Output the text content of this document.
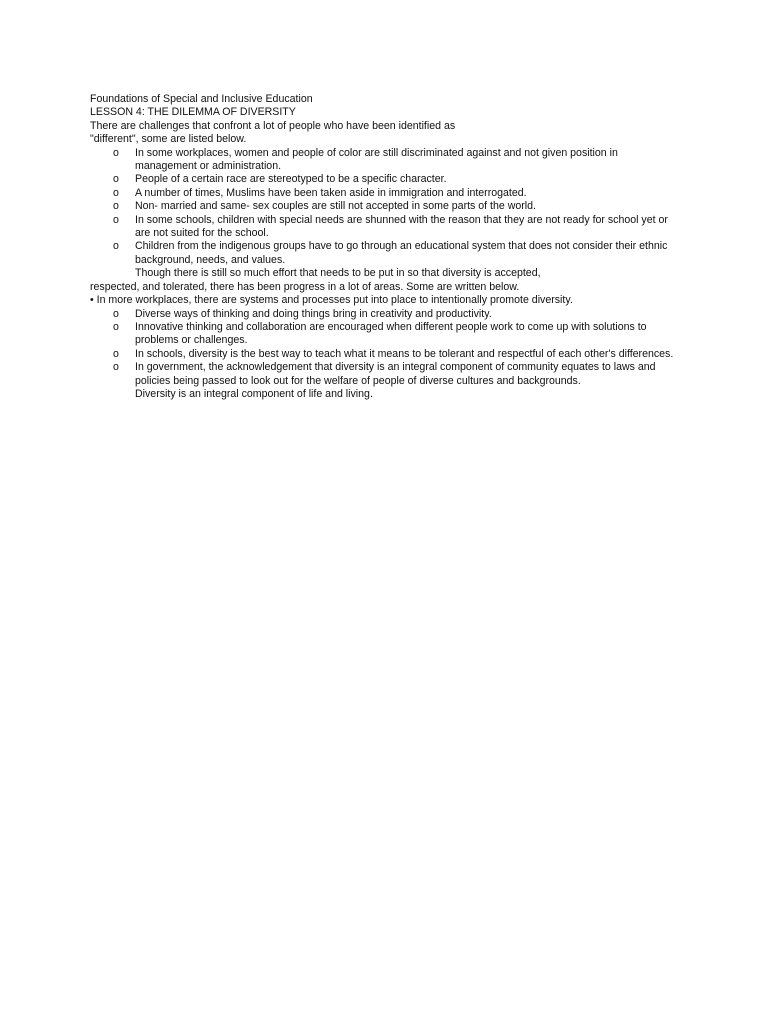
Foundations of Special and Inclusive Education
LESSON 4: THE DILEMMA OF DIVERSITY
There are challenges that confront a lot of people who have been identified as
"different", some are listed below.
o In some workplaces, women and people of color are still discriminated against and not given position in management or administration.
o People of a certain race are stereotyped to be a specific character.
o A number of times, Muslims have been taken aside in immigration and interrogated.
o Non- married and same- sex couples are still not accepted in some parts of the world.
o In some schools, children with special needs are shunned with the reason that they are not ready for school yet or are not suited for the school.
o Children from the indigenous groups have to go through an educational system that does not consider their ethnic background, needs, and values.
Though there is still so much effort that needs to be put in so that diversity is accepted,
respected, and tolerated, there has been progress in a lot of areas. Some are written below.
• In more workplaces, there are systems and processes put into place to intentionally promote diversity.
o Diverse ways of thinking and doing things bring in creativity and productivity.
o Innovative thinking and collaboration are encouraged when different people work to come up with solutions to problems or challenges.
o In schools, diversity is the best way to teach what it means to be tolerant and respectful of each other's differences.
o In government, the acknowledgement that diversity is an integral component of community equates to laws and policies being passed to look out for the welfare of people of diverse cultures and backgrounds.
Diversity is an integral component of life and living.
